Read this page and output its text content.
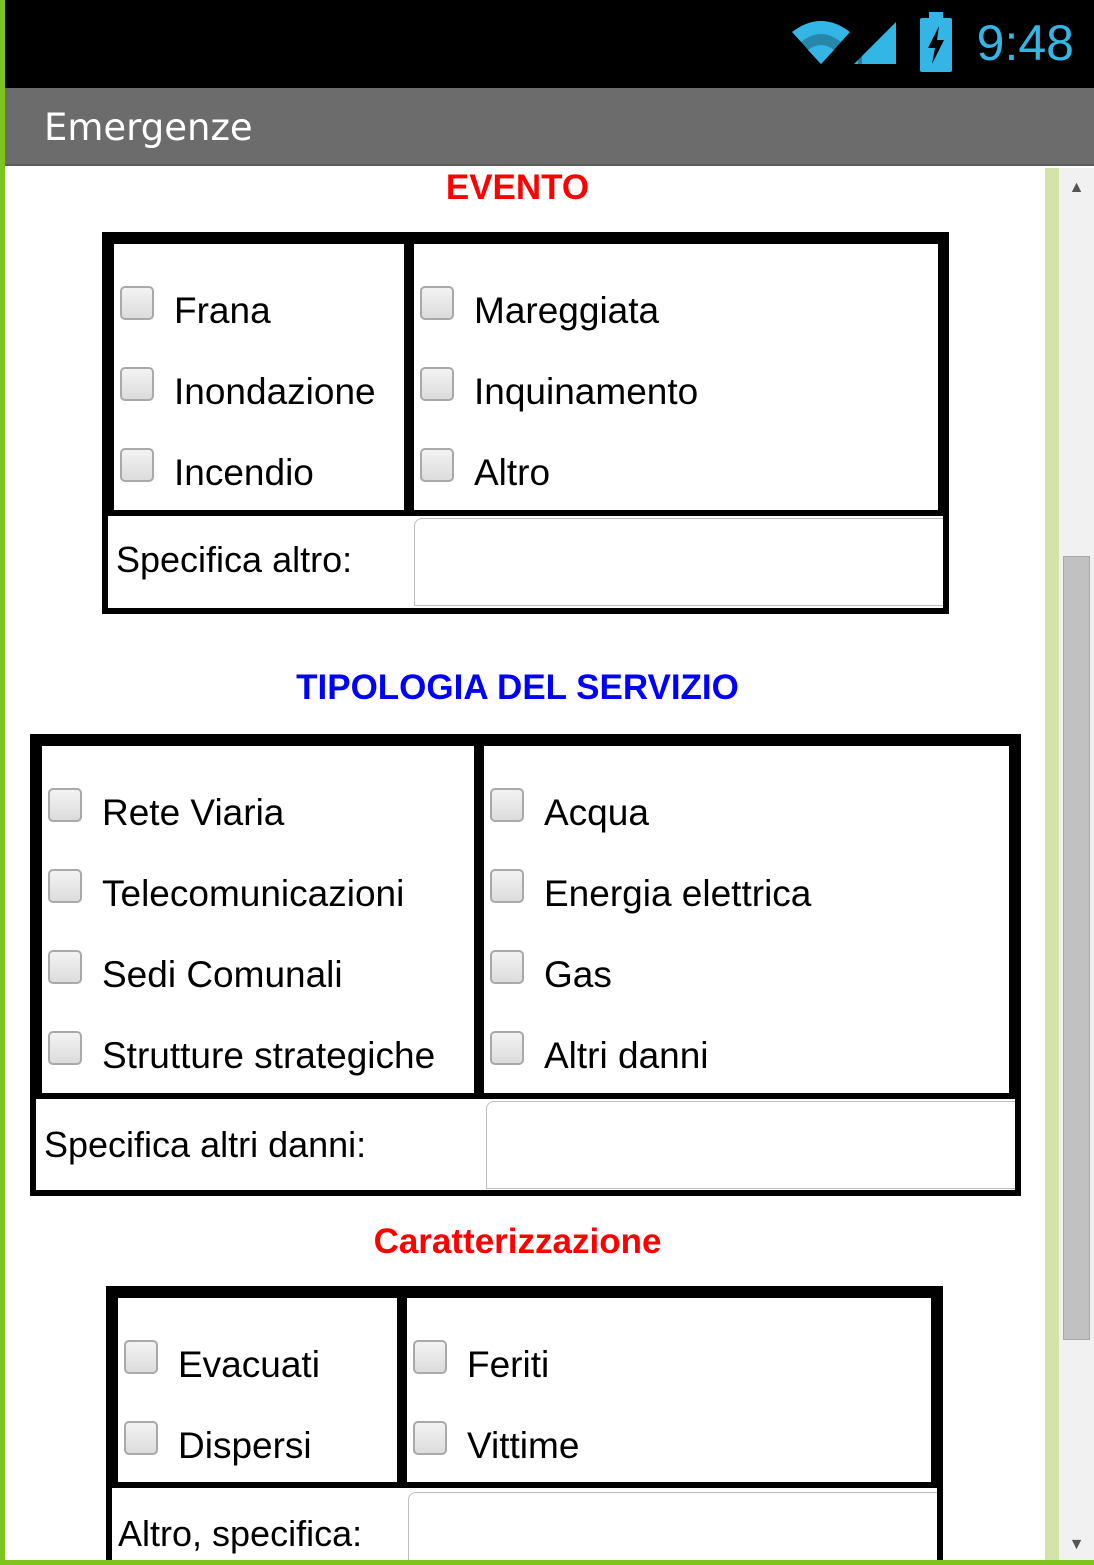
9:48
Emergenze
EVENTO
Frana
Inondazione
Incendio
Mareggiata
Inquinamento
Altro
Specifica altro:
TIPOLOGIA DEL SERVIZIO
Rete Viaria
Telecomunicazioni
Sedi Comunali
Strutture strategiche
Acqua
Energia elettrica
Gas
Altri danni
Specifica altri danni:
Caratterizzazione
Evacuati
Dispersi
Feriti
Vittime
Altro, specifica:
▲
▼
